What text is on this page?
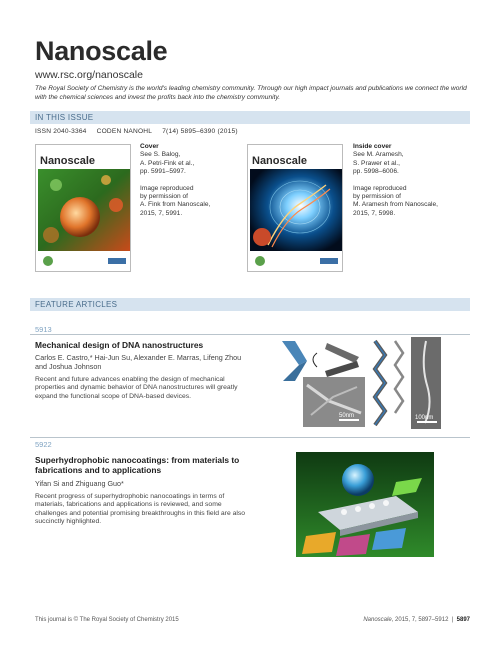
Nanoscale
www.rsc.org/nanoscale
The Royal Society of Chemistry is the world's leading chemistry community. Through our high impact journals and publications we connect the world with the chemical sciences and invest the profits back into the chemistry community.
IN THIS ISSUE
ISSN 2040-3364 CODEN NANOHL 7(14) 5895–6390 (2015)
Nanoscale
Cover
See S. Balog,
A. Petri-Fink et al.,
pp. 5991–5997.
Image reproduced
by permission of
A. Fink from Nanoscale,
2015, 7, 5991.
Nanoscale
Inside cover
See M. Aramesh,
S. Prawer et al.,
pp. 5998–6006.
Image reproduced
by permission of
M. Aramesh from Nanoscale,
2015, 7, 5998.
FEATURE ARTICLES
5913
Mechanical design of DNA nanostructures
Carlos E. Castro,* Hai-Jun Su, Alexander E. Marras, Lifeng Zhou and Joshua Johnson
Recent and future advances enabling the design of mechanical properties and dynamic behavior of DNA nanostructures will greatly expand the functional scope of DNA-based devices.
50nm	100nm
5922
Superhydrophobic nanocoatings: from materials to fabrications and to applications
Yifan Si and Zhiguang Guo*
Recent progress of superhydrophobic nanocoatings in terms of materials, fabrications and applications is reviewed, and some challenges and potential promising breakthroughs in this field are also succinctly highlighted.
This journal is © The Royal Society of Chemistry 2015	Nanoscale, 2015, 7, 5897–5912  |  5897
